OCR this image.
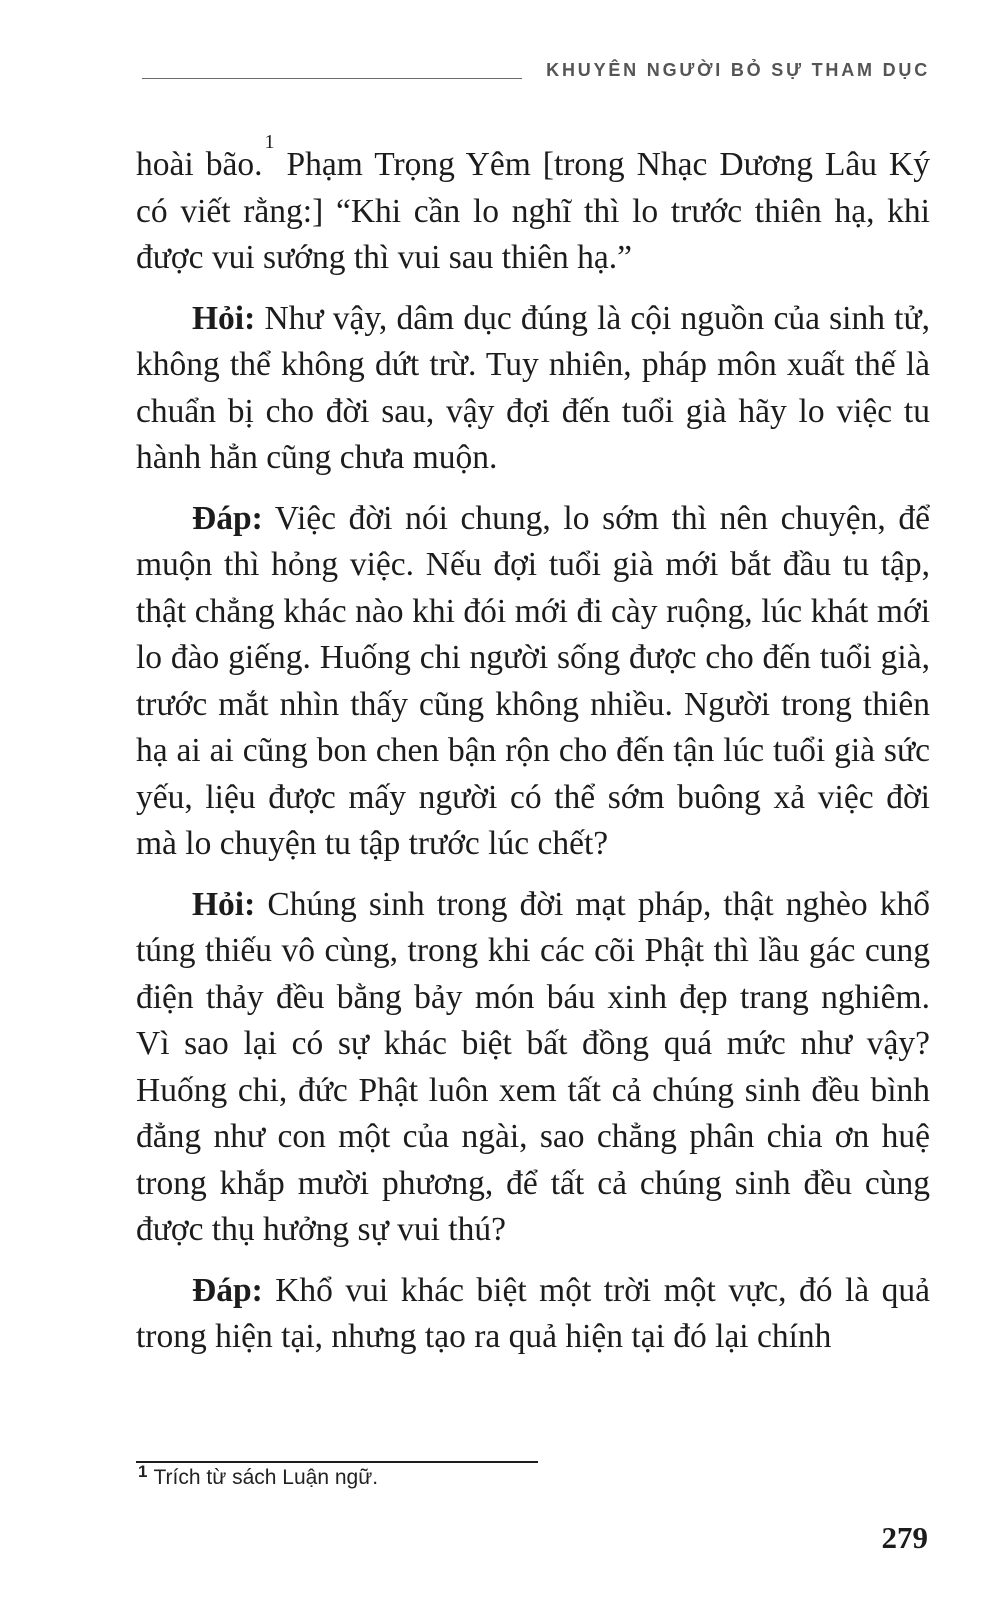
KHUYÊN NGƯỜI BỎ SỰ THAM DỤC

hoài bão.$^1$ Phạm Trọng Yêm [trong Nhạc Dương Lâu Ký có viết rằng:] “Khi cần lo nghĩ thì lo trước thiên hạ, khi được vui sướng thì vui sau thiên hạ.”

Hỏi: Như vậy, dâm dục đúng là cội nguồn của sinh tử, không thể không dứt trừ. Tuy nhiên, pháp môn xuất thế là chuẩn bị cho đời sau, vậy đợi đến tuổi già hãy lo việc tu hành hẳn cũng chưa muộn.

Đáp: Việc đời nói chung, lo sớm thì nên chuyện, để muộn thì hỏng việc. Nếu đợi tuổi già mới bắt đầu tu tập, thật chẳng khác nào khi đói mới đi cày ruộng, lúc khát mới lo đào giếng. Huống chi người sống được cho đến tuổi già, trước mắt nhìn thấy cũng không nhiều. Người trong thiên hạ ai ai cũng bon chen bận rộn cho đến tận lúc tuổi già sức yếu, liệu được mấy người có thể sớm buông xả việc đời mà lo chuyện tu tập trước lúc chết?

Hỏi: Chúng sinh trong đời mạt pháp, thật nghèo khổ túng thiếu vô cùng, trong khi các cõi Phật thì lầu gác cung điện thảy đều bằng bảy món báu xinh đẹp trang nghiêm. Vì sao lại có sự khác biệt bất đồng quá mức như vậy? Huống chi, đức Phật luôn xem tất cả chúng sinh đều bình đẳng như con một của ngài, sao chẳng phân chia ơn huệ trong khắp mười phương, để tất cả chúng sinh đều cùng được thụ hưởng sự vui thú?

Đáp: Khổ vui khác biệt một trời một vực, đó là quả trong hiện tại, nhưng tạo ra quả hiện tại đó lại chính

$^1$ Trích từ sách Luận ngữ.
279
